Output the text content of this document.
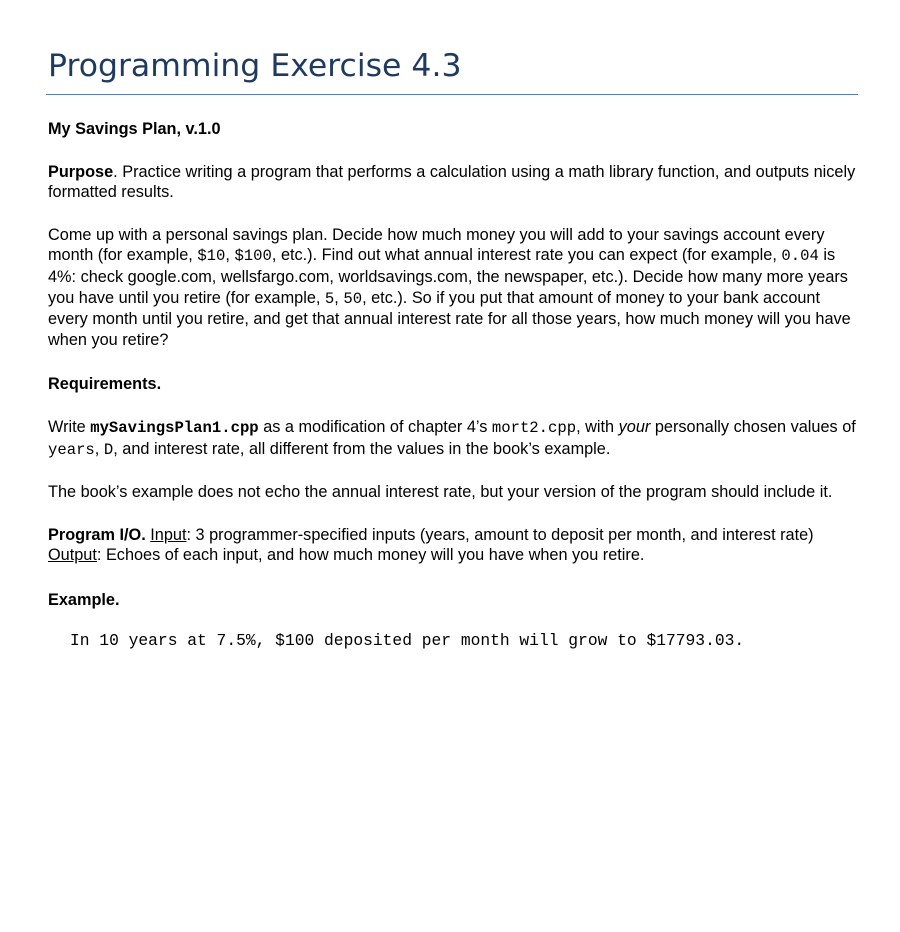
Programming Exercise 4.3

My Savings Plan, v.1.0

Purpose. Practice writing a program that performs a calculation using a math library function, and outputs nicely formatted results.

Come up with a personal savings plan. Decide how much money you will add to your savings account every month (for example, $10, $100, etc.). Find out what annual interest rate you can expect (for example, 0.04 is 4%: check google.com, wellsfargo.com, worldsavings.com, the newspaper, etc.). Decide how many more years you have until you retire (for example, 5, 50, etc.). So if you put that amount of money to your bank account every month until you retire, and get that annual interest rate for all those years, how much money will you have when you retire?

Requirements.

Write mySavingsPlan1.cpp as a modification of chapter 4’s mort2.cpp, with your personally chosen values of years, D, and interest rate, all different from the values in the book’s example.

The book’s example does not echo the annual interest rate, but your version of the program should include it.

Program I/O. Input: 3 programmer-specified inputs (years, amount to deposit per month, and interest rate) Output: Echoes of each input, and how much money will you have when you retire.

Example.

In 10 years at 7.5%, $100 deposited per month will grow to $17793.03.
